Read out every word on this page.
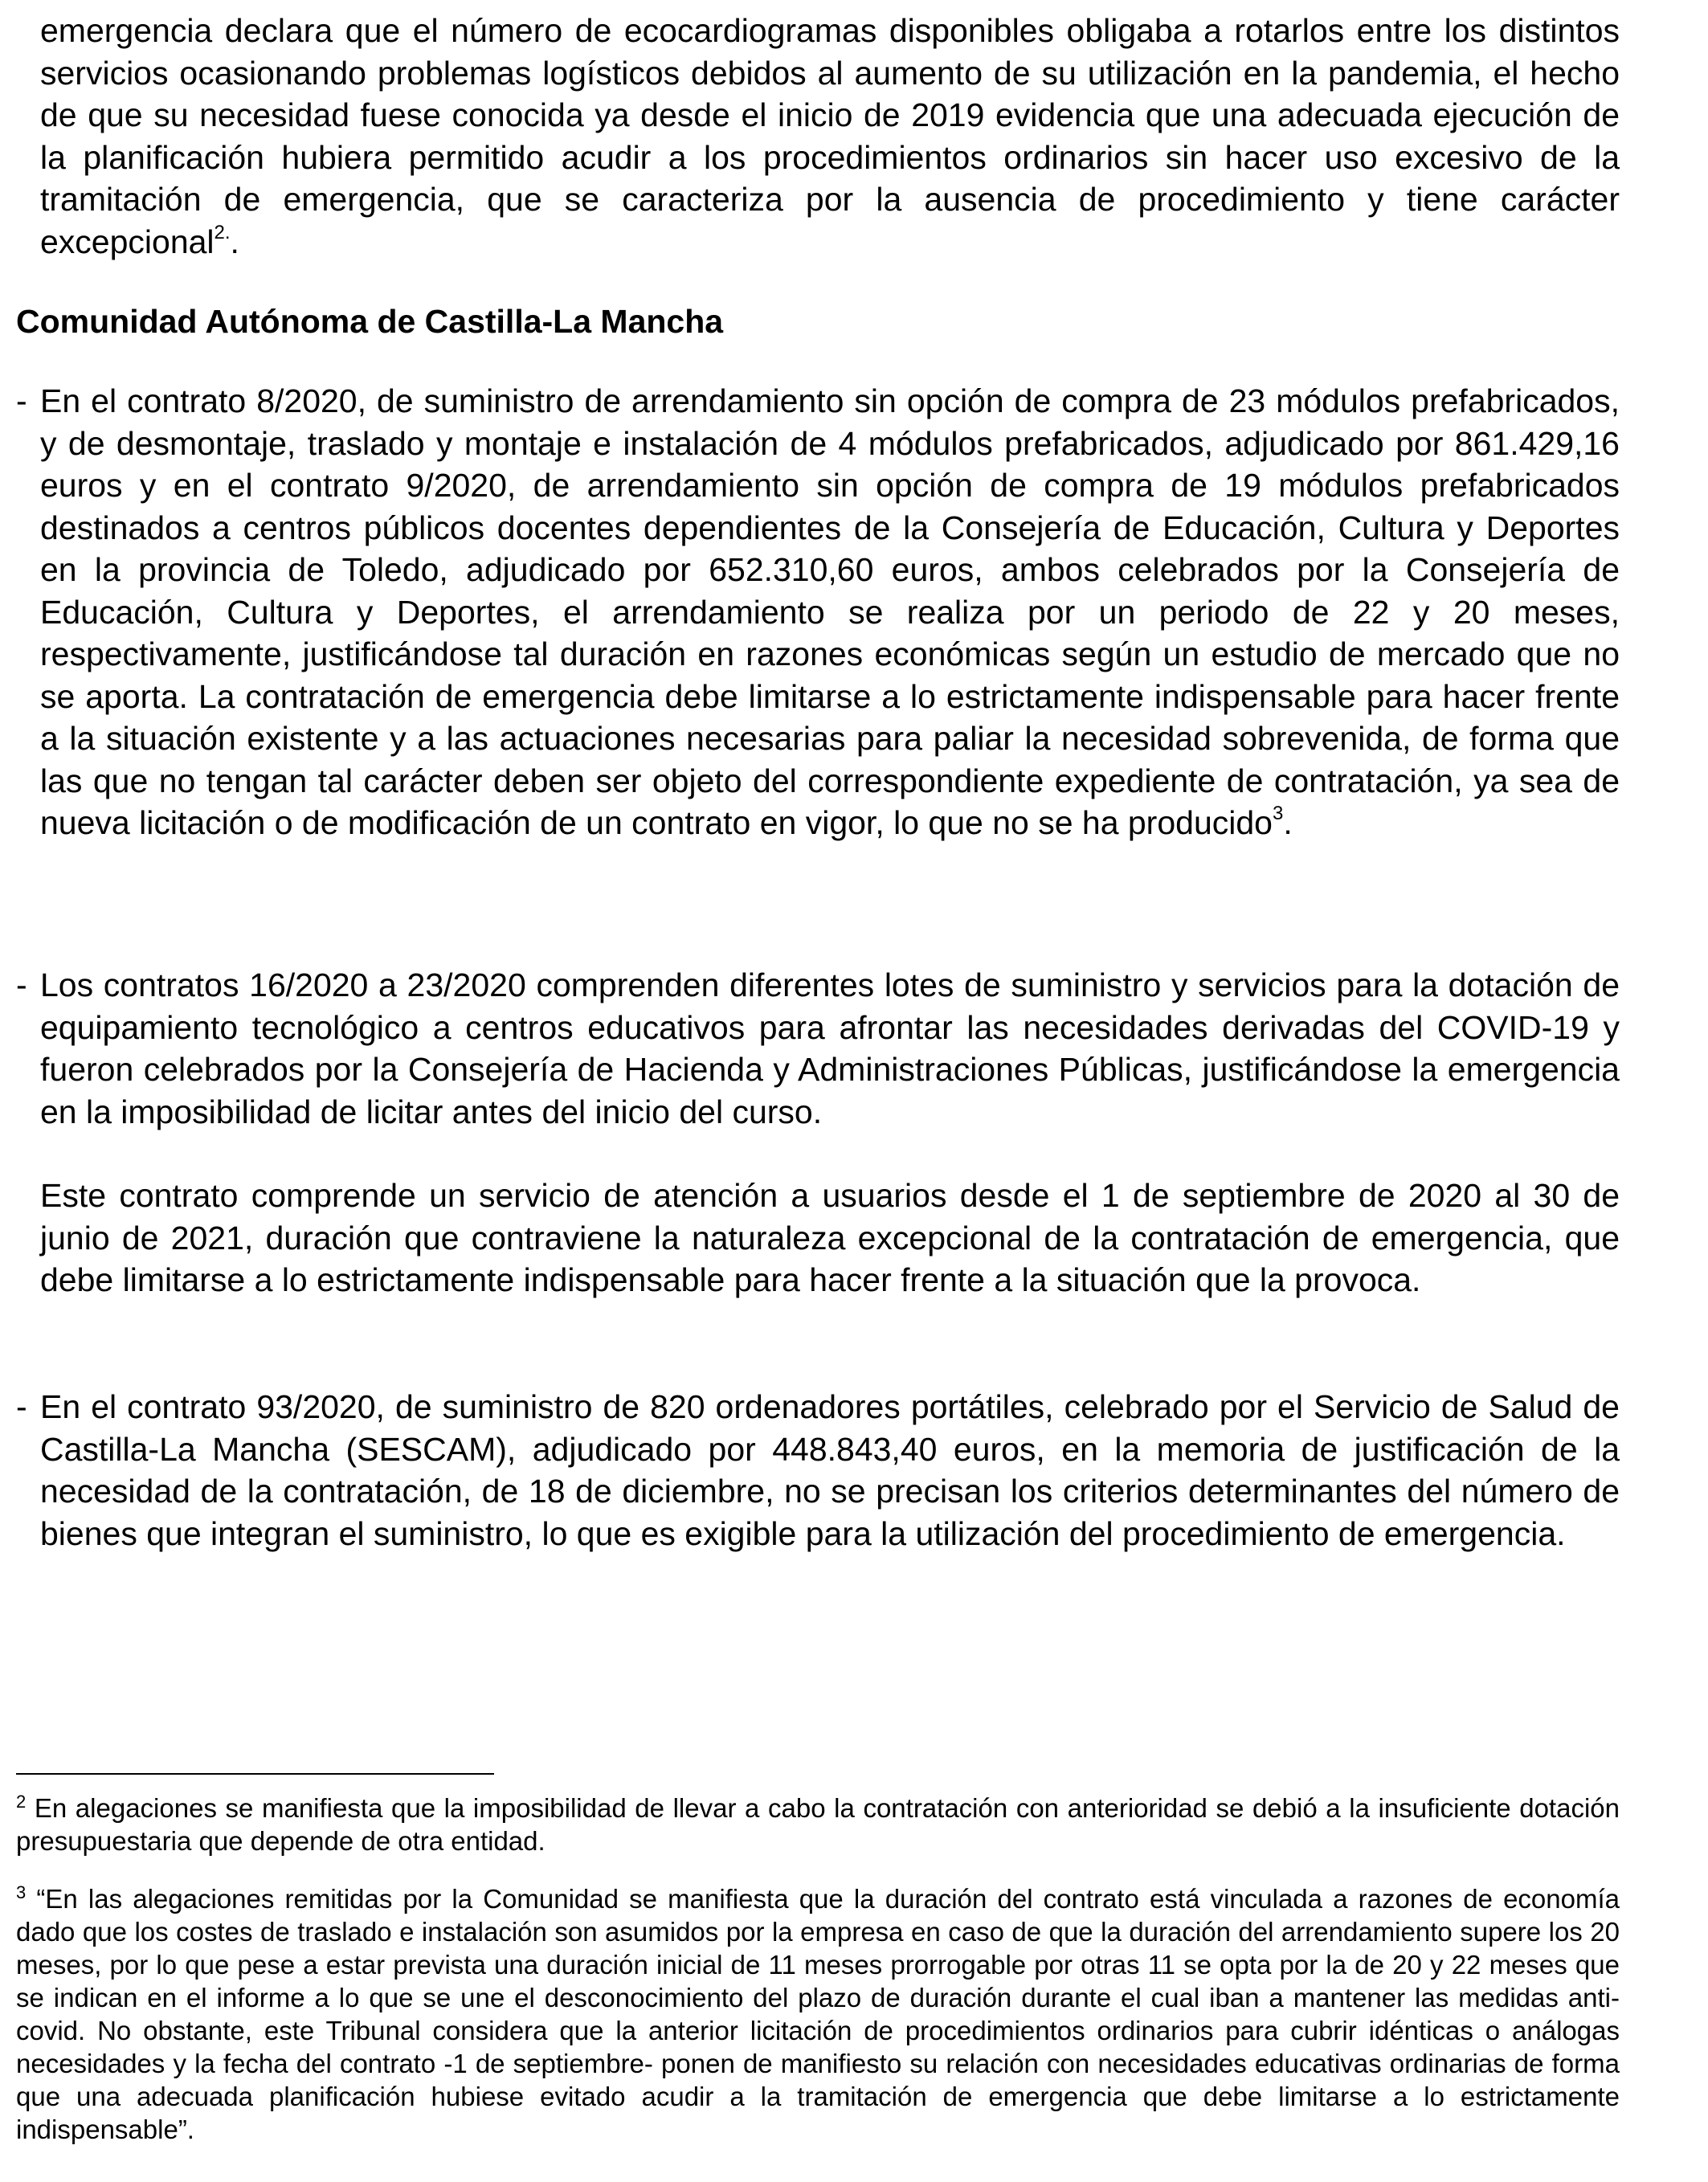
emergencia declara que el número de ecocardiogramas disponibles obligaba a rotarlos entre los distintos servicios ocasionando problemas logísticos debidos al aumento de su utilización en la pandemia, el hecho de que su necesidad fuese conocida ya desde el inicio de 2019 evidencia que una adecuada ejecución de la planificación hubiera permitido acudir a los procedimientos ordinarios sin hacer uso excesivo de la tramitación de emergencia, que se caracteriza por la ausencia de procedimiento y tiene carácter excepcional$^{2.}$.

Comunidad Autónoma de Castilla-La Mancha
- En el contrato 8/2020, de suministro de arrendamiento sin opción de compra de 23 módulos prefabricados, y de desmontaje, traslado y montaje e instalación de 4 módulos prefabricados, adjudicado por 861.429,16 euros y en el contrato 9/2020, de arrendamiento sin opción de compra de 19 módulos prefabricados destinados a centros públicos docentes dependientes de la Consejería de Educación, Cultura y Deportes en la provincia de Toledo, adjudicado por 652.310,60 euros, ambos celebrados por la Consejería de Educación, Cultura y Deportes, el arrendamiento se realiza por un periodo de 22 y 20 meses, respectivamente, justificándose tal duración en razones económicas según un estudio de mercado que no se aporta. La contratación de emergencia debe limitarse a lo estrictamente indispensable para hacer frente a la situación existente y a las actuaciones necesarias para paliar la necesidad sobrevenida, de forma que las que no tengan tal carácter deben ser objeto del correspondiente expediente de contratación, ya sea de nueva licitación o de modificación de un contrato en vigor, lo que no se ha producido$^3$.

- Los contratos 16/2020 a 23/2020 comprenden diferentes lotes de suministro y servicios para la dotación de equipamiento tecnológico a centros educativos para afrontar las necesidades derivadas del COVID-19 y fueron celebrados por la Consejería de Hacienda y Administraciones Públicas, justificándose la emergencia en la imposibilidad de licitar antes del inicio del curso.

Este contrato comprende un servicio de atención a usuarios desde el 1 de septiembre de 2020 al 30 de junio de 2021, duración que contraviene la naturaleza excepcional de la contratación de emergencia, que debe limitarse a lo estrictamente indispensable para hacer frente a la situación que la provoca.

- En el contrato 93/2020, de suministro de 820 ordenadores portátiles, celebrado por el Servicio de Salud de Castilla-La Mancha (SESCAM), adjudicado por 448.843,40 euros, en la memoria de justificación de la necesidad de la contratación, de 18 de diciembre, no se precisan los criterios determinantes del número de bienes que integran el suministro, lo que es exigible para la utilización del procedimiento de emergencia.

$^2$ En alegaciones se manifiesta que la imposibilidad de llevar a cabo la contratación con anterioridad se debió a la insuficiente dotación presupuestaria que depende de otra entidad.

$^3$ “En las alegaciones remitidas por la Comunidad se manifiesta que la duración del contrato está vinculada a razones de economía dado que los costes de traslado e instalación son asumidos por la empresa en caso de que la duración del arrendamiento supere los 20 meses, por lo que pese a estar prevista una duración inicial de 11 meses prorrogable por otras 11 se opta por la de 20 y 22 meses que se indican en el informe a lo que se une el desconocimiento del plazo de duración durante el cual iban a mantener las medidas anti-covid. No obstante, este Tribunal considera que la anterior licitación de procedimientos ordinarios para cubrir idénticas o análogas necesidades y la fecha del contrato -1 de septiembre- ponen de manifiesto su relación con necesidades educativas ordinarias de forma que una adecuada planificación hubiese evitado acudir a la tramitación de emergencia que debe limitarse a lo estrictamente indispensable”.
